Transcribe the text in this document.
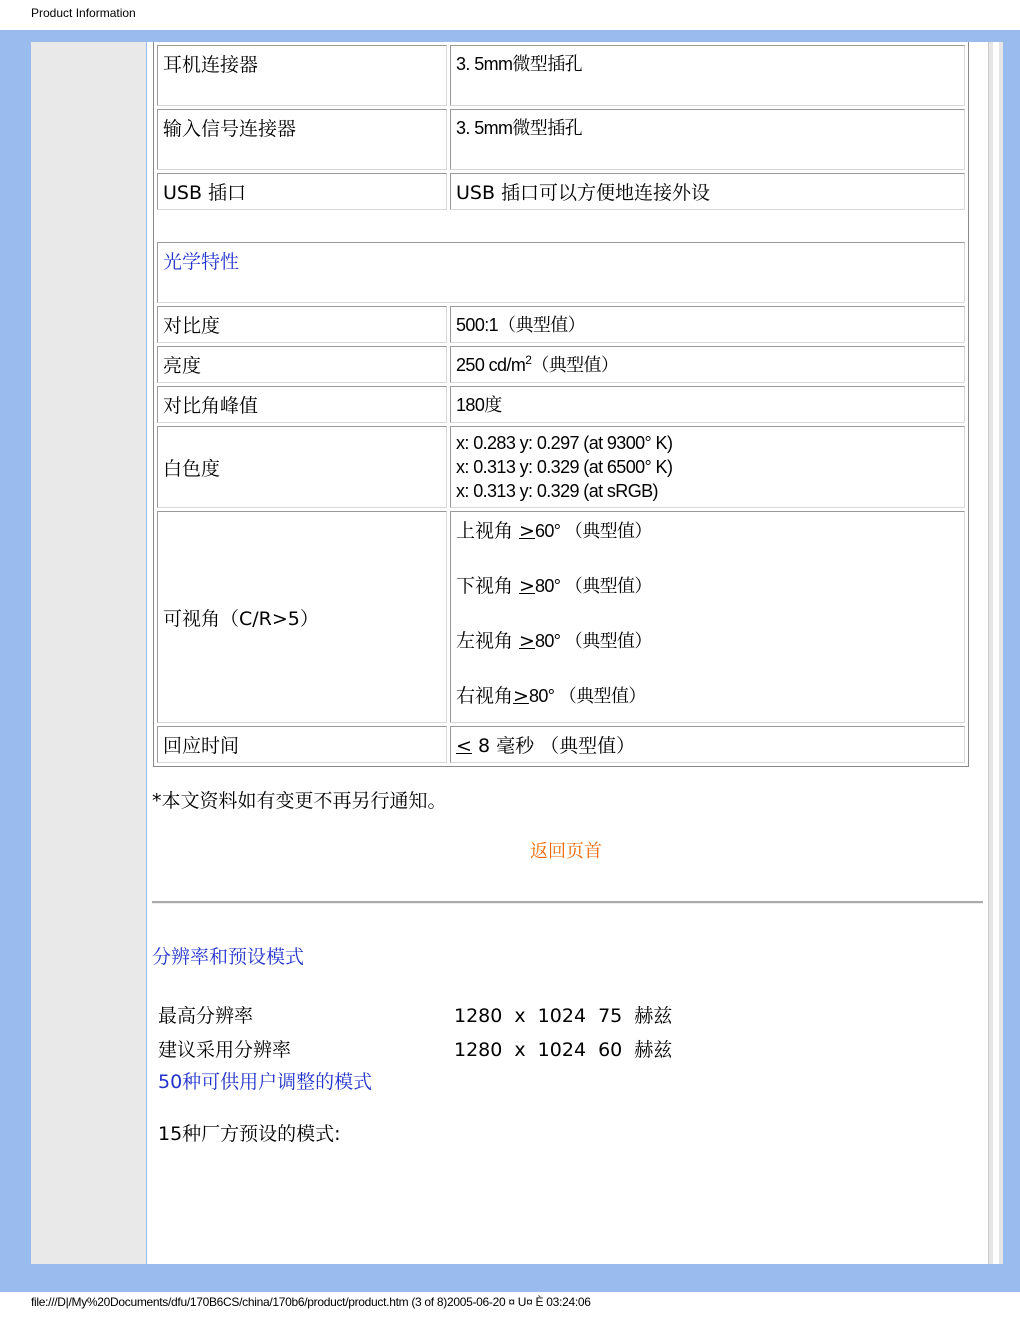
Product Information
耳机连接器	3. 5mm微型插孔
输入信号连接器	3. 5mm微型插孔
USB 插口	USB 插口可以方便地连接外设

光学特性	
对比度	500:1（典型值）
亮度	250 $cd/m^2$（典型值）
对比角峰值	180度
白色度	x: 0.283 y: 0.297 (at 9300° K)
x: 0.313 y: 0.329 (at 6500° K)
x: 0.313 y: 0.329 (at sRGB)

可视角（C/R>5）	上视角 >60° （典型值）
下视角 >80° （典型值）
左视角 >80° （典型值）
右视角>80° （典型值）

回应时间	< 8 毫秒 （典型值）
*本文资料如有变更不再另行通知。
返回页首
分辨率和预设模式
最高分辨率	1280 x 1024 75 赫兹
建议采用分辨率	1280 x 1024 60 赫兹
50种可供用户调整的模式
15种厂方预设的模式:
file:///D|/My%20Documents/dfu/170B6CS/china/170b6/product/product.htm (3 of 8)2005-06-20 ¤ U¤ È 03:24:06
